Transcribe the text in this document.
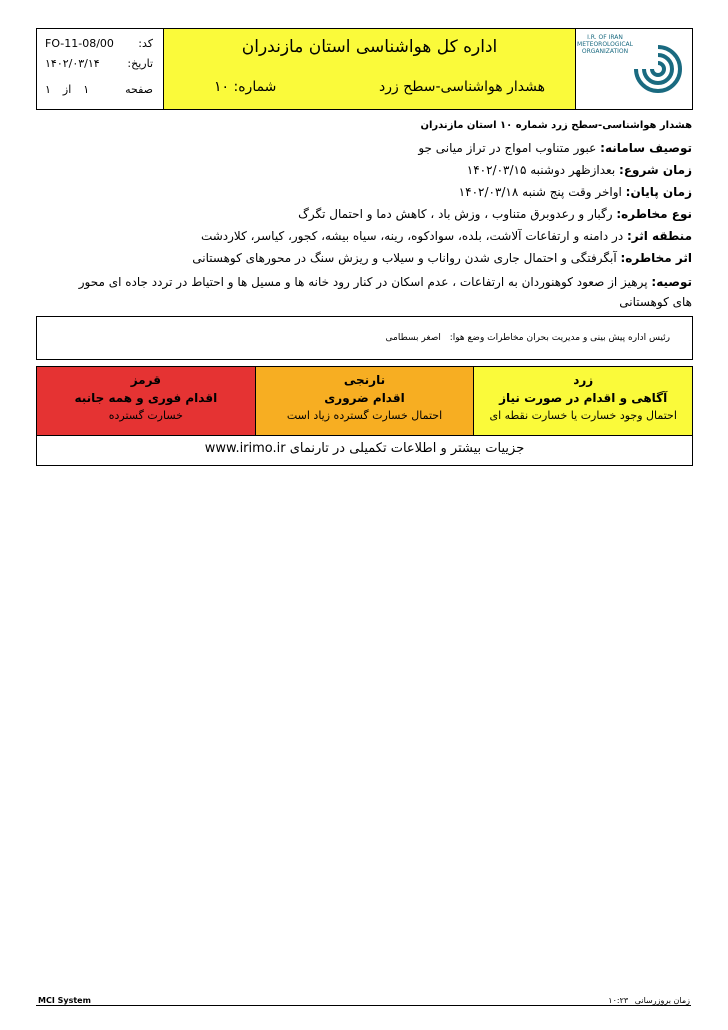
کد:
FO-11-08/00
تاریخ:
۱۴۰۲/۰۳/۱۴
صفحه
۱
از
۱
اداره کل هواشناسی استان مازندران
هشدار هواشناسی-سطح زرد
شماره: ۱۰
I.R. OF IRAN METEOROLOGICAL ORGANIZATION
هشدار هواشناسی-سطح زرد شماره ۱۰ استان مازندران
توصیف سامانه: عبور متناوب امواج در تراز میانی جو
زمان شروع: بعدازظهر دوشنبه ۱۴۰۲/۰۳/۱۵
زمان پایان: اواخر وقت پنج شنبه ۱۴۰۲/۰۳/۱۸
نوع مخاطره: رگبار و رعدوبرق متناوب ، وزش باد ، کاهش دما و احتمال تگرگ
منطقه اثر: در دامنه و ارتفاعات آلاشت، بلده، سوادکوه، رینه، سیاه بیشه، کجور، کیاسر، کلاردشت
اثر مخاطره: آبگرفتگی و احتمال جاری شدن رواناب و سیلاب و ریزش سنگ در محورهای کوهستانی
توصیه: پرهیز از صعود کوهنوردان به ارتفاعات ، عدم اسکان در کنار رود خانه ها و مسیل ها و احتیاط در تردد جاده ای محور های کوهستانی
رئیس اداره پیش بینی و مدیریت بحران مخاطرات وضع هوا: اصغر بسطامی
قرمز
اقدام فوری و همه جانبه
خسارت گسترده
نارنجی
اقدام ضروری
احتمال خسارت گسترده زیاد است
زرد
آگاهی و اقدام در صورت نیاز
احتمال وجود خسارت یا خسارت نقطه ای
جزییات بیشتر و اطلاعات تکمیلی در تارنمای www.irimo.ir
MCI System	زمان بروزرسانی ۱۰:۲۳
